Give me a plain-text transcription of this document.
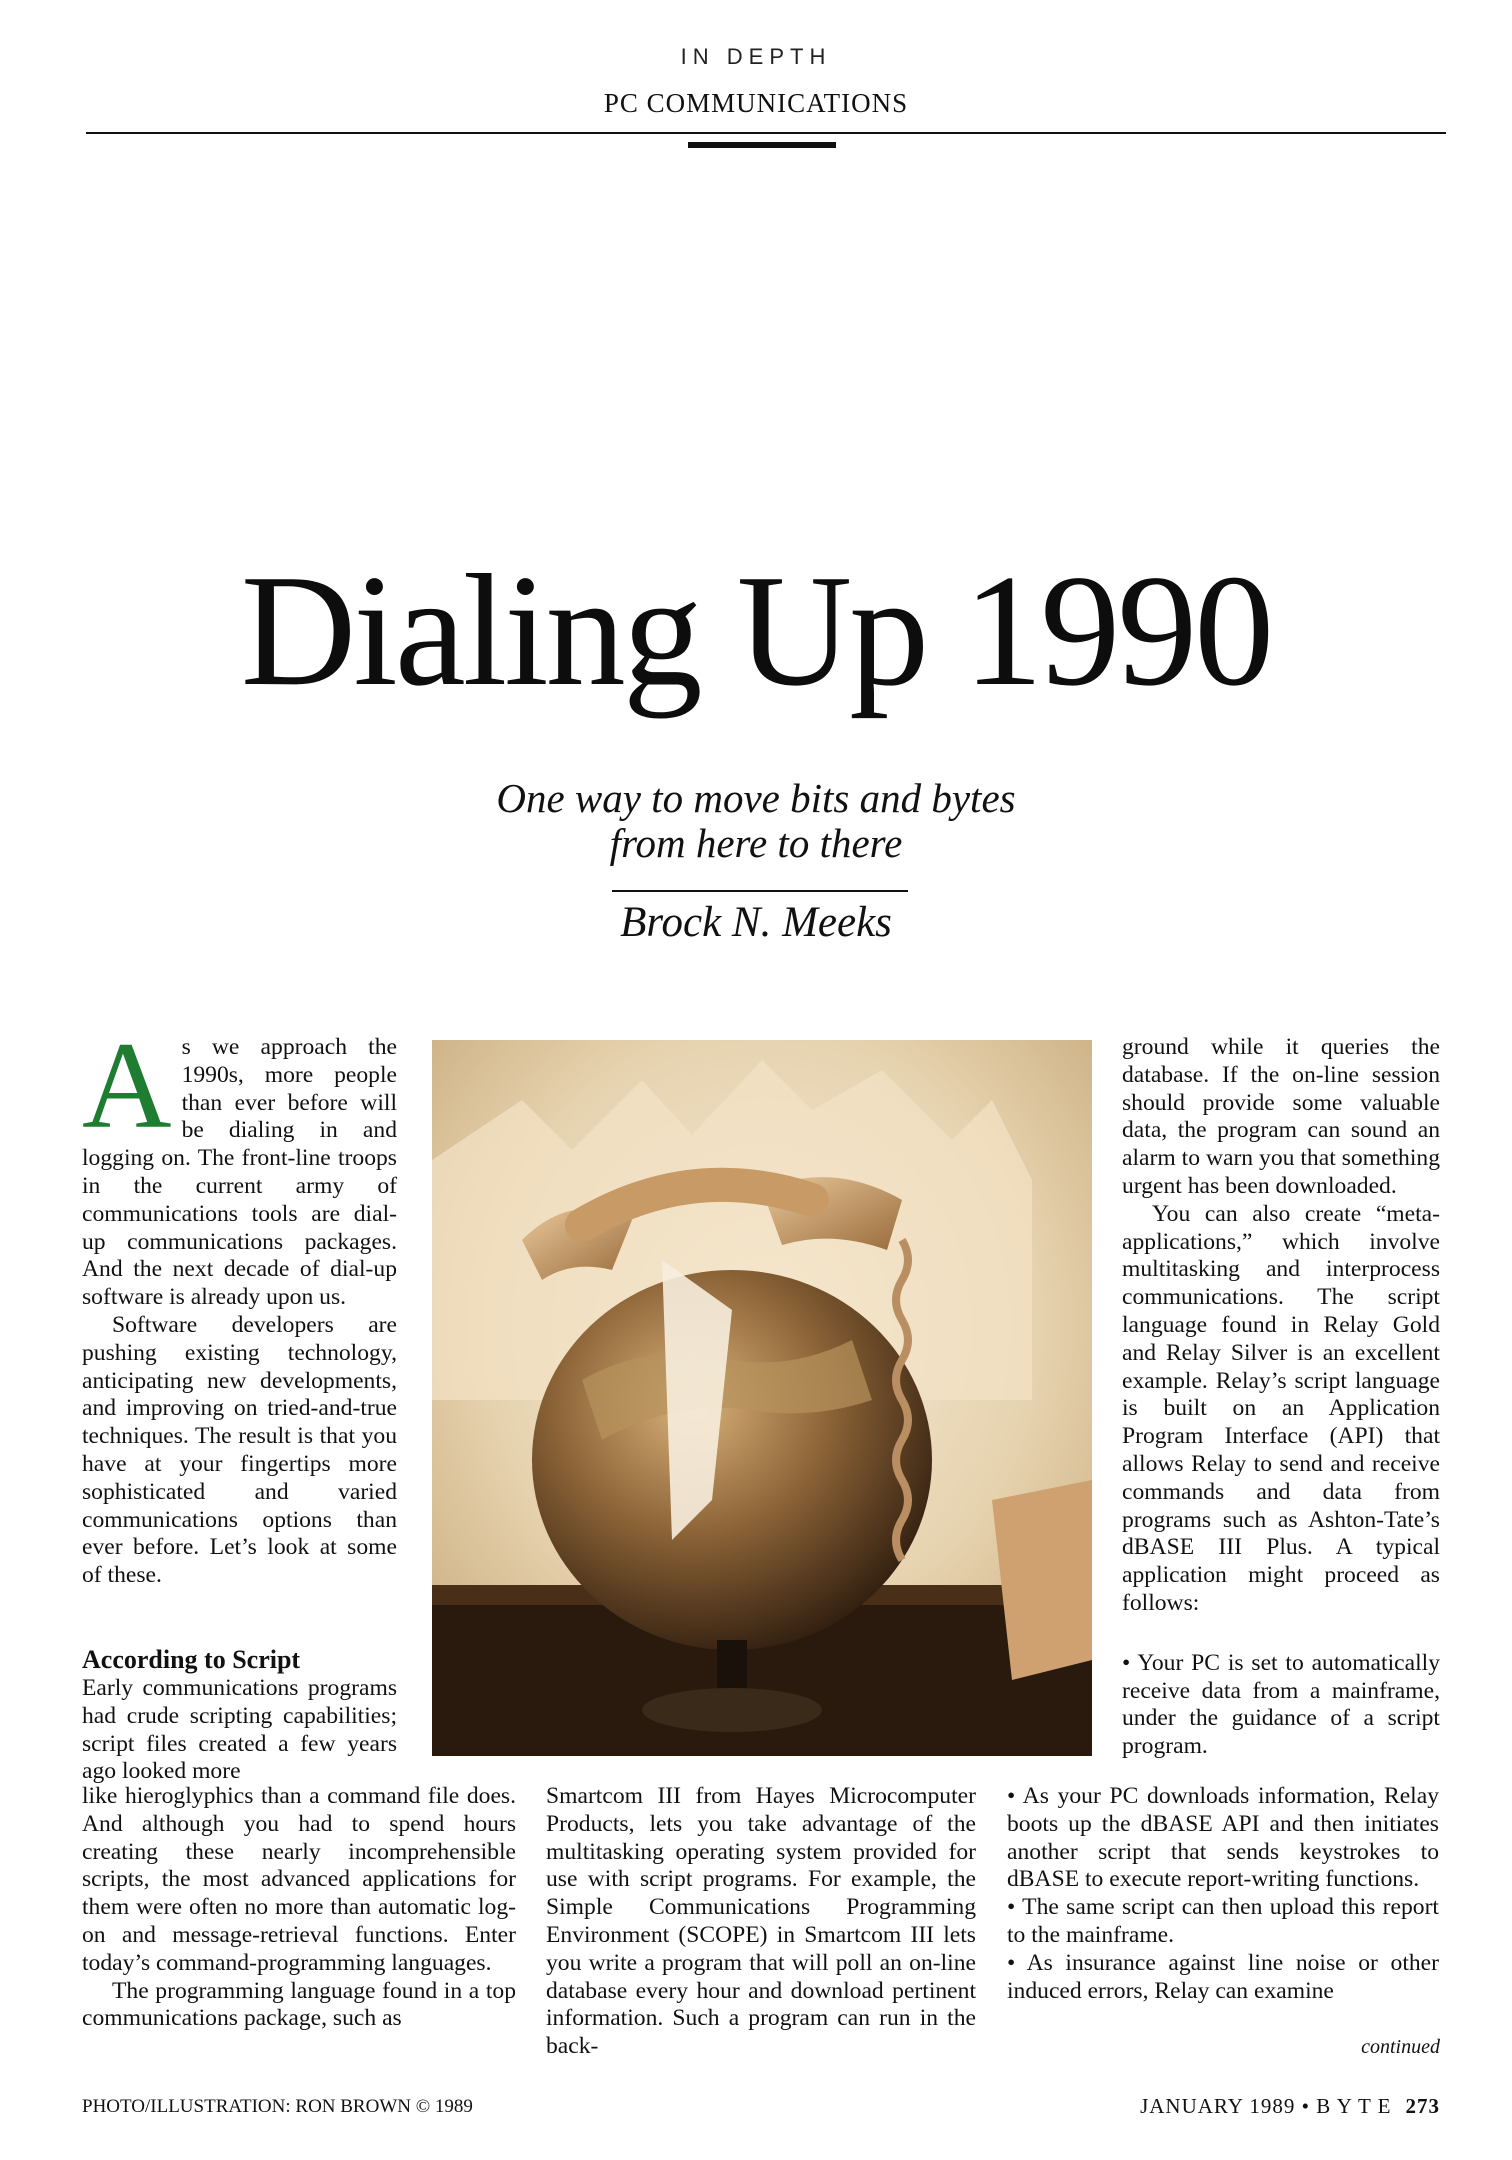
IN DEPTH
PC COMMUNICATIONS
Dialing Up 1990
One way to move bits and bytes
from here to there
Brock N. Meeks
A s we approach the 1990s, more people than ever before will be dialing in and logging on. The front-line troops in the current army of communications tools are dial-up communications packages. And the next decade of dial-up software is already upon us.

Software developers are pushing existing technology, anticipating new developments, and improving on tried-and-true techniques. The result is that you have at your fingertips more sophisticated and varied communications options than ever before. Let’s look at some of these.

According to Script

Early communications programs had crude scripting capabilities; script files created a few years ago looked more

like hieroglyphics than a command file does. And although you had to spend hours creating these nearly incomprehensible scripts, the most advanced applications for them were often no more than automatic log-on and message-retrieval functions. Enter today’s command-programming languages.

The programming language found in a top communications package, such as

Smartcom III from Hayes Microcomputer Products, lets you take advantage of the multitasking operating system provided for use with script programs. For example, the Simple Communications Programming Environment (SCOPE) in Smartcom III lets you write a program that will poll an on-line database every hour and download pertinent information. Such a program can run in the back-

ground while it queries the database. If the on-line session should provide some valuable data, the program can sound an alarm to warn you that something urgent has been downloaded.

You can also create “meta-applications,” which involve multitasking and interprocess communications. The script language found in Relay Gold and Relay Silver is an excellent example. Relay’s script language is built on an Application Program Interface (API) that allows Relay to send and receive commands and data from programs such as Ashton-Tate’s dBASE III Plus. A typical application might proceed as follows:

• Your PC is set to automatically receive data from a mainframe, under the guidance of a script program.

• As your PC downloads information, Relay boots up the dBASE API and then initiates another script that sends keystrokes to dBASE to execute report-writing functions.

• The same script can then upload this report to the mainframe.

• As insurance against line noise or other induced errors, Relay can examine

continued
PHOTO/ILLUSTRATION: RON BROWN © 1989	JANUARY 1989 • B Y T E 273
